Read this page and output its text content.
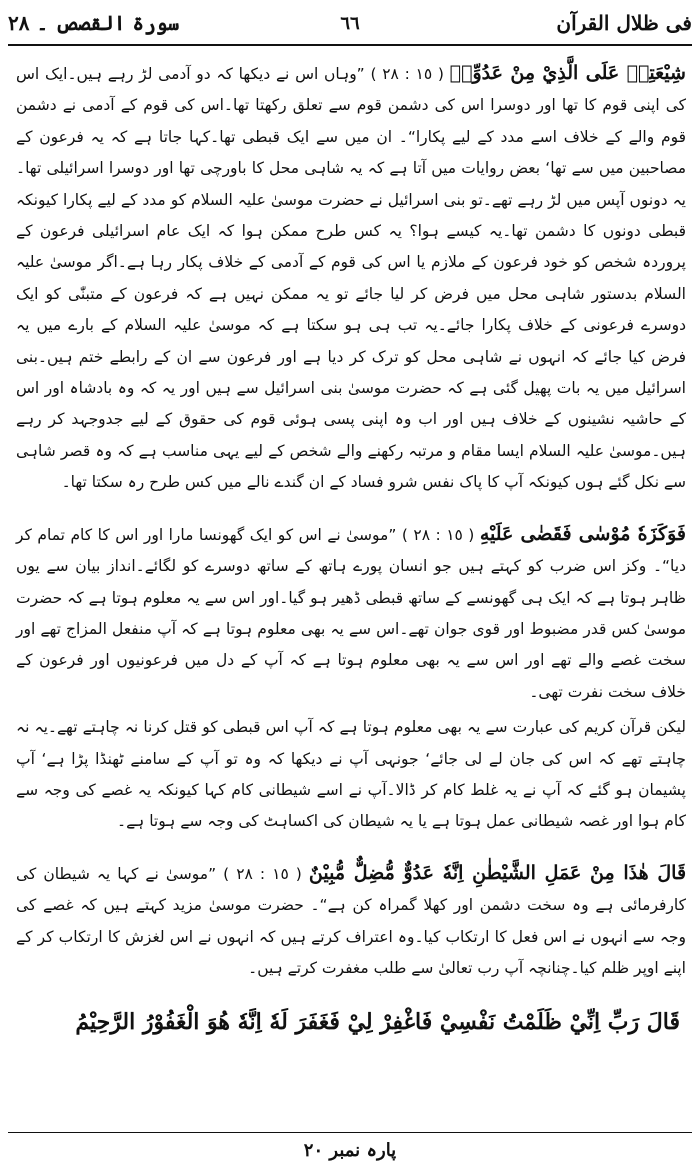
فی ظلال القرآن
٦٦
سورۃ القصص ۔ ٢٨

شِيْعَتِهٖ عَلَى الَّذِيْ مِنْ عَدُوِّهٖ ( ١٥ : ٢٨ ) ”وہاں اس نے دیکھا کہ دو آدمی لڑ رہے ہیں۔ایک اس کی اپنی قوم کا تھا اور دوسرا اس کی دشمن قوم سے تعلق رکھتا تھا۔اس کی قوم کے آدمی نے دشمن قوم والے کے خلاف اسے مدد کے لیے پکارا“۔ ان میں سے ایک قبطی تھا۔کہا جاتا ہے کہ یہ فرعون کے مصاحبین میں سے تھا‘ بعض روایات میں آتا ہے کہ یہ شاہی محل کا باورچی تھا اور دوسرا اسرائیلی تھا۔یہ دونوں آپس میں لڑ رہے تھے۔تو بنی اسرائیل نے حضرت موسیٰ علیہ السلام کو مدد کے لیے پکارا کیونکہ قبطی دونوں کا دشمن تھا۔یہ کیسے ہوا؟ یہ کس طرح ممکن ہوا کہ ایک عام اسرائیلی فرعون کے پروردہ شخص کو خود فرعون کے ملازم یا اس کی قوم کے آدمی کے خلاف پکار رہا ہے۔اگر موسیٰ علیہ السلام بدستور شاہی محل میں فرض کر لیا جائے تو یہ ممکن نہیں ہے کہ فرعون کے متبنّٰی کو ایک دوسرے فرعونی کے خلاف پکارا جائے۔یہ تب ہی ہو سکتا ہے کہ موسیٰ علیہ السلام کے بارے میں یہ فرض کیا جائے کہ انہوں نے شاہی محل کو ترک کر دیا ہے اور فرعون سے ان کے رابطے ختم ہیں۔بنی اسرائیل میں یہ بات پھیل گئی ہے کہ حضرت موسیٰ بنی اسرائیل سے ہیں اور یہ کہ وہ بادشاہ اور اس کے حاشیہ نشینوں کے خلاف ہیں اور اب وہ اپنی پسی ہوئی قوم کی حقوق کے لیے جدوجہد کر رہے ہیں۔موسیٰ علیہ السلام ایسا مقام و مرتبہ رکھنے والے شخص کے لیے یہی مناسب ہے کہ وہ قصر شاہی سے نکل گئے ہوں کیونکہ آپ کا پاک نفس شرو فساد کے ان گندے نالے میں کس طرح رہ سکتا تھا۔

فَوَكَزَهٗ مُوْسٰى فَقَضٰى عَلَيْهِ ( ١٥ : ٢٨ ) ”موسیٰ نے اس کو ایک گھونسا مارا اور اس کا کام تمام کر دیا“۔ وکز اس ضرب کو کہتے ہیں جو انسان پورے ہاتھ کے ساتھ دوسرے کو لگائے۔انداز بیان سے یوں ظاہر ہوتا ہے کہ ایک ہی گھونسے کے ساتھ قبطی ڈھیر ہو گیا۔اور اس سے یہ معلوم ہوتا ہے کہ حضرت موسیٰ کس قدر مضبوط اور قوی جوان تھے۔اس سے یہ بھی معلوم ہوتا ہے کہ آپ منفعل المزاج تھے اور سخت غصے والے تھے اور اس سے یہ بھی معلوم ہوتا ہے کہ آپ کے دل میں فرعونیوں اور فرعون کے خلاف سخت نفرت تھی۔

لیکن قرآن کریم کی عبارت سے یہ بھی معلوم ہوتا ہے کہ آپ اس قبطی کو قتل کرنا نہ چاہتے تھے۔یہ نہ چاہتے تھے کہ اس کی جان لے لی جائے‘ جونہی آپ نے دیکھا کہ وہ تو آپ کے سامنے ٹھنڈا پڑا ہے‘ آپ پشیمان ہو گئے کہ آپ نے یہ غلط کام کر ڈالا۔آپ نے اسے شیطانی کام کہا کیونکہ یہ غصے کی وجہ سے کام ہوا اور غصہ شیطانی عمل ہوتا ہے یا یہ شیطان کی اکساہٹ کی وجہ سے ہوتا ہے۔

قَالَ هٰذَا مِنْ عَمَلِ الشَّيْطٰنِ اِنَّهٗ عَدُوٌّ مُّضِلٌّ مُّبِيْنٌ ( ١٥ : ٢٨ ) ”موسیٰ نے کہا یہ شیطان کی کارفرمائی ہے وہ سخت دشمن اور کھلا گمراہ کن ہے“۔ حضرت موسیٰ مزید کہتے ہیں کہ غصے کی وجہ سے انہوں نے اس فعل کا ارتکاب کیا۔وہ اعتراف کرتے ہیں کہ انہوں نے اس لغزش کا ارتکاب کر کے اپنے اوپر ظلم کیا۔چنانچہ آپ رب تعالیٰ سے طلب مغفرت کرتے ہیں۔

قَالَ رَبِّ اِنِّيْ ظَلَمْتُ نَفْسِيْ فَاغْفِرْ لِيْ فَغَفَرَ لَهٗ اِنَّهٗ هُوَ الْغَفُوْرُ الرَّحِيْمُ

پارہ نمبر ٢٠
